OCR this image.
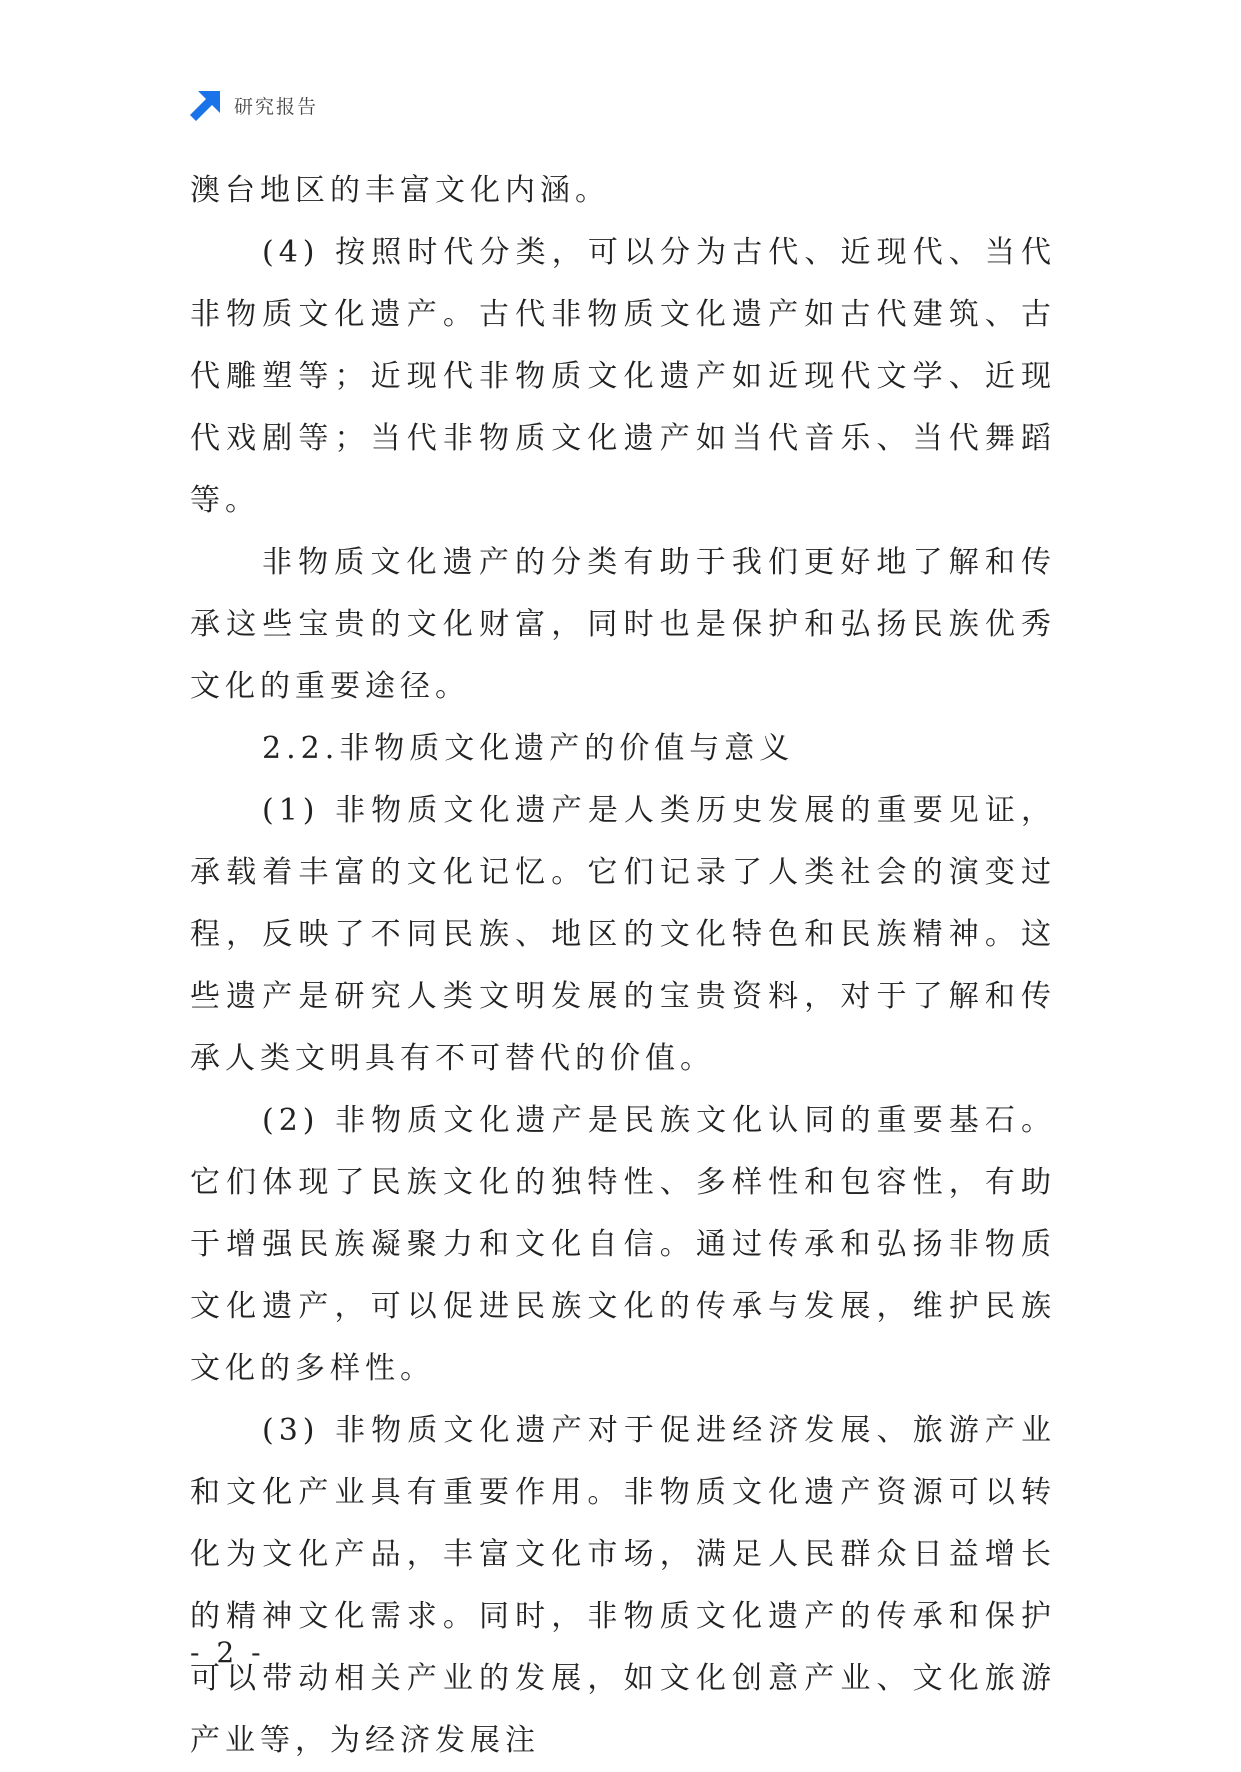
研究报告

澳台地区的丰富文化内涵。

(4) 按照时代分类，可以分为古代、近现代、当代非物质文化遗产。古代非物质文化遗产如古代建筑、古代雕塑等；近现代非物质文化遗产如近现代文学、近现代戏剧等；当代非物质文化遗产如当代音乐、当代舞蹈等。

非物质文化遗产的分类有助于我们更好地了解和传承这些宝贵的文化财富，同时也是保护和弘扬民族优秀文化的重要途径。

2.2.非物质文化遗产的价值与意义

(1) 非物质文化遗产是人类历史发展的重要见证，承载着丰富的文化记忆。它们记录了人类社会的演变过程，反映了不同民族、地区的文化特色和民族精神。这些遗产是研究人类文明发展的宝贵资料，对于了解和传承人类文明具有不可替代的价值。

(2) 非物质文化遗产是民族文化认同的重要基石。它们体现了民族文化的独特性、多样性和包容性，有助于增强民族凝聚力和文化自信。通过传承和弘扬非物质文化遗产，可以促进民族文化的传承与发展，维护民族文化的多样性。

(3) 非物质文化遗产对于促进经济发展、旅游产业和文化产业具有重要作用。非物质文化遗产资源可以转化为文化产品，丰富文化市场，满足人民群众日益增长的精神文化需求。同时，非物质文化遗产的传承和保护可以带动相关产业的发展，如文化创意产业、文化旅游产业等，为经济发展注

- 2 -
